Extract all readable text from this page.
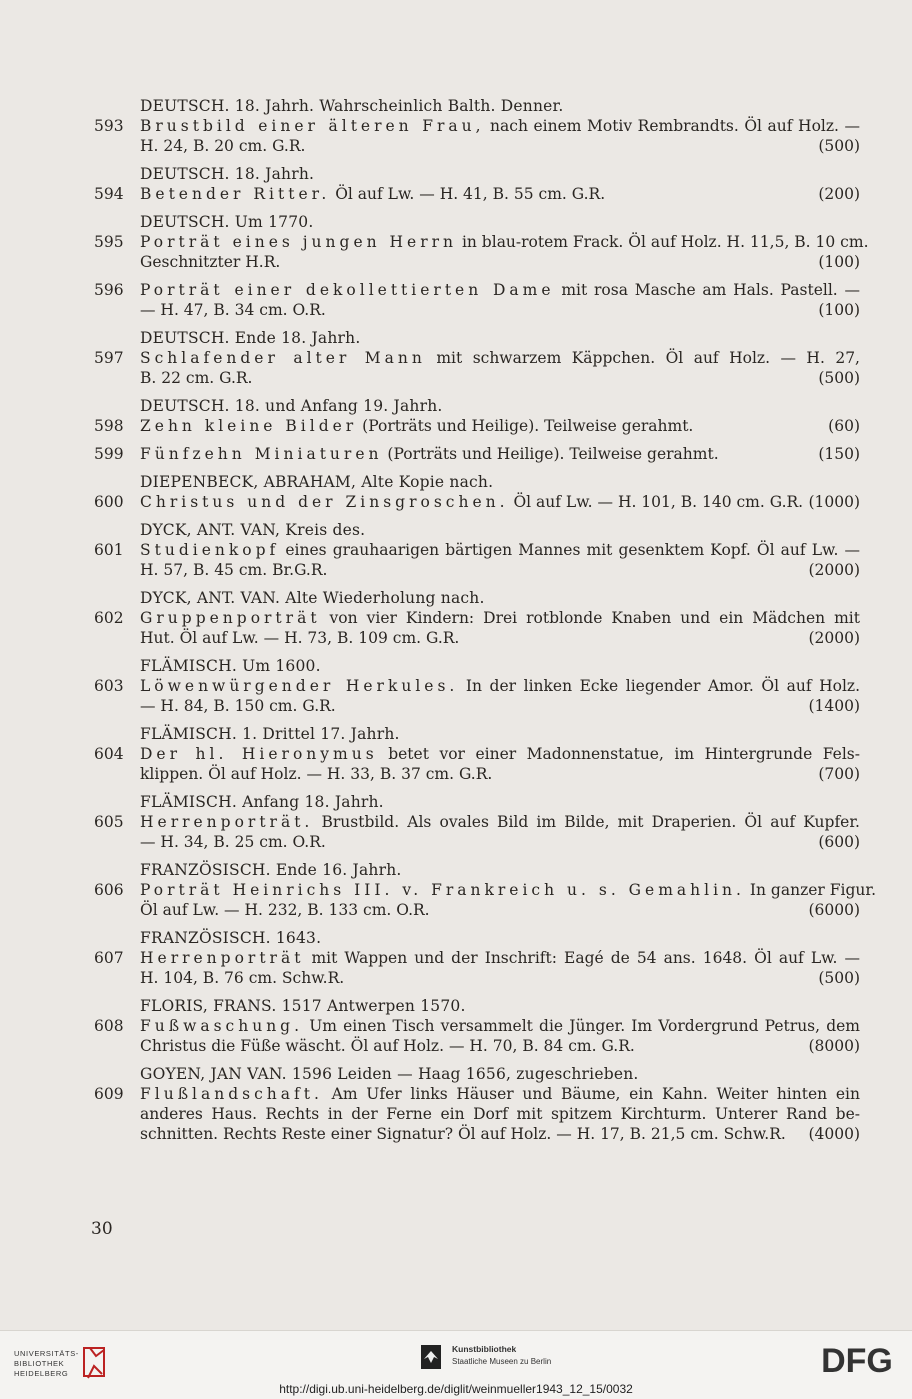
DEUTSCH. 18. Jahrh. Wahrscheinlich Balth. Denner.
593	Brustbild einer älteren Frau, nach einem Motiv Rembrandts. Öl auf Holz. —
H. 24, B. 20 cm. G.R.	(500)
DEUTSCH. 18. Jahrh.
594	Betender Ritter. Öl auf Lw. — H. 41, B. 55 cm. G.R.	(200)
DEUTSCH. Um 1770.
595	Porträt eines jungen Herrn in blau-rotem Frack. Öl auf Holz. H. 11,5, B. 10 cm.
Geschnitzter H.R.	(100)
596	Porträt einer dekollettierten Dame mit rosa Masche am Hals. Pastell. —
— H. 47, B. 34 cm. O.R.	(100)
DEUTSCH. Ende 18. Jahrh.
597	Schlafender alter Mann mit schwarzem Käppchen. Öl auf Holz. — H. 27,
B. 22 cm. G.R.	(500)
DEUTSCH. 18. und Anfang 19. Jahrh.
598	Zehn kleine Bilder (Porträts und Heilige). Teilweise gerahmt.	(60)
599	Fünfzehn Miniaturen (Porträts und Heilige). Teilweise gerahmt.	(150)
DIEPENBECK, ABRAHAM, Alte Kopie nach.
600	Christus und der Zinsgroschen. Öl auf Lw. — H. 101, B. 140 cm. G.R. (1000)
DYCK, ANT. VAN, Kreis des.
601	Studienkopf eines grauhaarigen bärtigen Mannes mit gesenktem Kopf. Öl auf Lw. —
H. 57, B. 45 cm. Br.G.R.	(2000)
DYCK, ANT. VAN. Alte Wiederholung nach.
602	Gruppenporträt von vier Kindern: Drei rotblonde Knaben und ein Mädchen mit
Hut. Öl auf Lw. — H. 73, B. 109 cm. G.R.	(2000)
FLÄMISCH. Um 1600.
603	Löwenwürgender Herkules. In der linken Ecke liegender Amor. Öl auf Holz.
— H. 84, B. 150 cm. G.R.	(1400)
FLÄMISCH. 1. Drittel 17. Jahrh.
604	Der hl. Hieronymus betet vor einer Madonnenstatue, im Hintergrunde Fels-
klippen. Öl auf Holz. — H. 33, B. 37 cm. G.R.	(700)
FLÄMISCH. Anfang 18. Jahrh.
605	Herrenporträt. Brustbild. Als ovales Bild im Bilde, mit Draperien. Öl auf Kupfer.
— H. 34, B. 25 cm. O.R.	(600)
FRANZÖSISCH. Ende 16. Jahrh.
606	Porträt Heinrichs III. v. Frankreich u. s. Gemahlin. In ganzer Figur.
Öl auf Lw. — H. 232, B. 133 cm. O.R.	(6000)
FRANZÖSISCH. 1643.
607	Herrenporträt mit Wappen und der Inschrift: Eagé de 54 ans. 1648. Öl auf Lw. —
H. 104, B. 76 cm. Schw.R.	(500)
FLORIS, FRANS. 1517 Antwerpen 1570.
608	Fußwaschung. Um einen Tisch versammelt die Jünger. Im Vordergrund Petrus, dem
Christus die Füße wäscht. Öl auf Holz. — H. 70, B. 84 cm. G.R.	(8000)
GOYEN, JAN VAN. 1596 Leiden — Haag 1656, zugeschrieben.
609	Flußlandschaft. Am Ufer links Häuser und Bäume, ein Kahn. Weiter hinten ein
anderes Haus. Rechts in der Ferne ein Dorf mit spitzem Kirchturm. Unterer Rand be-
schnitten. Rechts Reste einer Signatur? Öl auf Holz. — H. 17, B. 21,5 cm. Schw.R. (4000)
30
UNIVERSITÄTS-
BIBLIOTHEK
HEIDELBERG
Kunstbibliothek
Staatliche Museen zu Berlin	DFG
http://digi.ub.uni-heidelberg.de/diglit/weinmueller1943_12_15/0032
